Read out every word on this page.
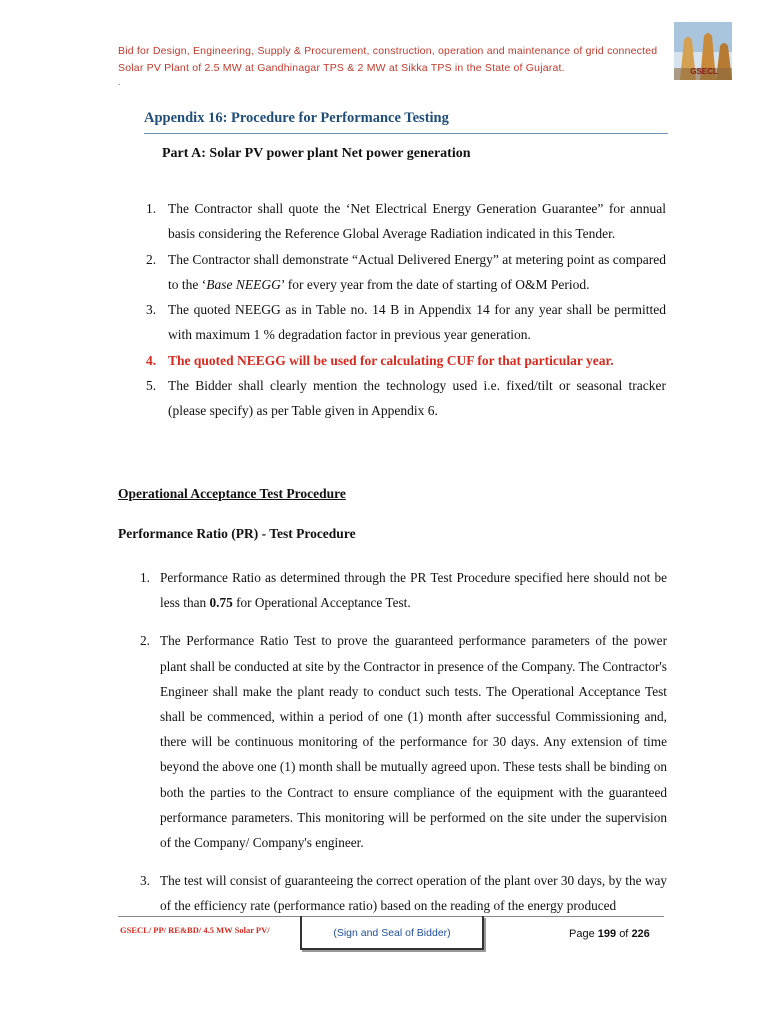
Bid for Design, Engineering, Supply & Procurement, construction, operation and maintenance of grid connected
Solar PV Plant of 2.5 MW at Gandhinagar TPS & 2 MW at Sikka TPS in the State of Gujarat.
.
GSECL
Appendix 16: Procedure for Performance Testing
Part A: Solar PV power plant Net power generation
1. The Contractor shall quote the ‘Net Electrical Energy Generation Guarantee” for annual basis considering the Reference Global Average Radiation indicated in this Tender.
2. The Contractor shall demonstrate “Actual Delivered Energy” at metering point as compared to the ‘Base NEEGG’ for every year from the date of starting of O&M Period.
3. The quoted NEEGG as in Table no. 14 B in Appendix 14 for any year shall be permitted with maximum 1 % degradation factor in previous year generation.
4. The quoted NEEGG will be used for calculating CUF for that particular year.
5. The Bidder shall clearly mention the technology used i.e. fixed/tilt or seasonal tracker (please specify) as per Table given in Appendix 6.
Operational Acceptance Test Procedure
Performance Ratio (PR) - Test Procedure
1. Performance Ratio as determined through the PR Test Procedure specified here should not be less than 0.75 for Operational Acceptance Test.
2. The Performance Ratio Test to prove the guaranteed performance parameters of the power plant shall be conducted at site by the Contractor in presence of the Company. The Contractor's Engineer shall make the plant ready to conduct such tests. The Operational Acceptance Test shall be commenced, within a period of one (1) month after successful Commissioning and, there will be continuous monitoring of the performance for 30 days. Any extension of time beyond the above one (1) month shall be mutually agreed upon. These tests shall be binding on both the parties to the Contract to ensure compliance of the equipment with the guaranteed performance parameters. This monitoring will be performed on the site under the supervision of the Company/ Company's engineer.
3. The test will consist of guaranteeing the correct operation of the plant over 30 days, by the way of the efficiency rate (performance ratio) based on the reading of the energy produced
GSECL/ PP/ RE&BD/ 4.5 MW Solar PV/	(Sign and Seal of Bidder)	Page 199 of 226
